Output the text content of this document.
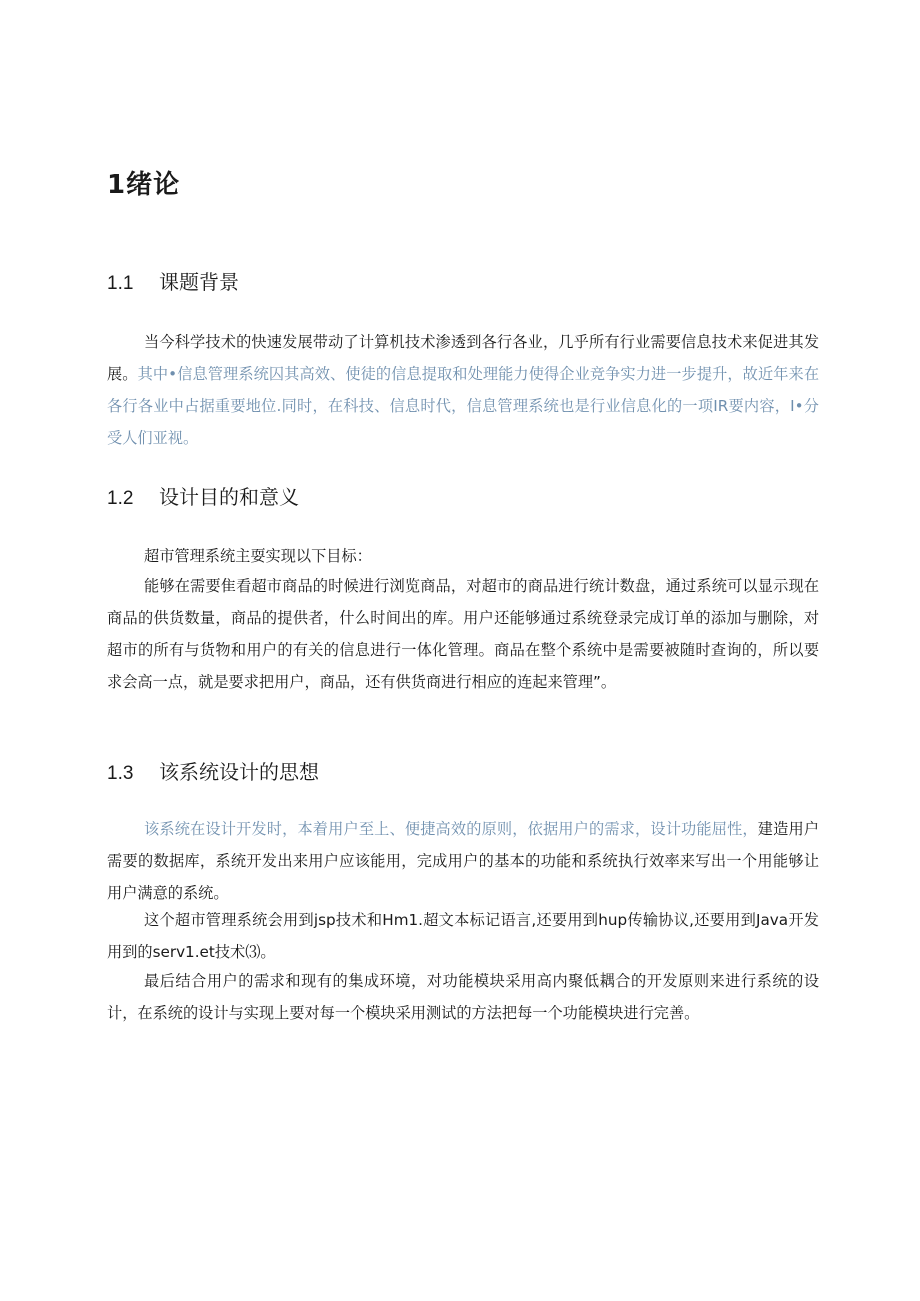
1绪论
1.1	课题背景

当今科学技术的快速发展带动了计算机技术渗透到各行各业，几乎所有行业需要信息技术来促进其发展。其中•信息管理系统囚其高效、使徒的信息提取和处理能力使得企业竞争实力进一步提升，故近年来在各行各业中占据重要地位.同时，在科技、信息时代，信息管理系统也是行业信息化的一项IR要内容，I•分受人们亚视。

1.2	设计目的和意义

超市管理系统主耍实现以下目标：

能够在需要隹看超市商品的时候进行浏览商品，对超市的商品进行统计数盘，通过系统可以显示现在商品的供货数量，商品的提供者，什么时间出的库。用户还能够通过系统登录完成订单的添加与删除，对超市的所有与货物和用户的有关的信息进行一体化管理。商品在整个系统中是需要被随时查询的，所以要求会高一点，就是要求把用户，商品，还有供货商进行相应的连起来管理”。

1.3	该系统设计的思想

该系统在设计开发时，本着用户至上、便捷高效的原则，依据用户的需求，设计功能屈性，建造用户需要的数据库，系统开发出来用户应该能用，完成用户的基本的功能和系统执行效率来写出一个用能够让用户满意的系统。

这个超市管理系统会用到jsp技术和Hm1.超文本标记语言,还要用到hup传输协议,还要用到Java开发用到的serv1.et技术⑶。

最后结合用户的需求和现有的集成环境，对功能模块采用高内聚低耦合的开发原则来进行系统的设计，在系统的设计与实现上要对每一个模块采用测试的方法把每一个功能模块进行完善。
